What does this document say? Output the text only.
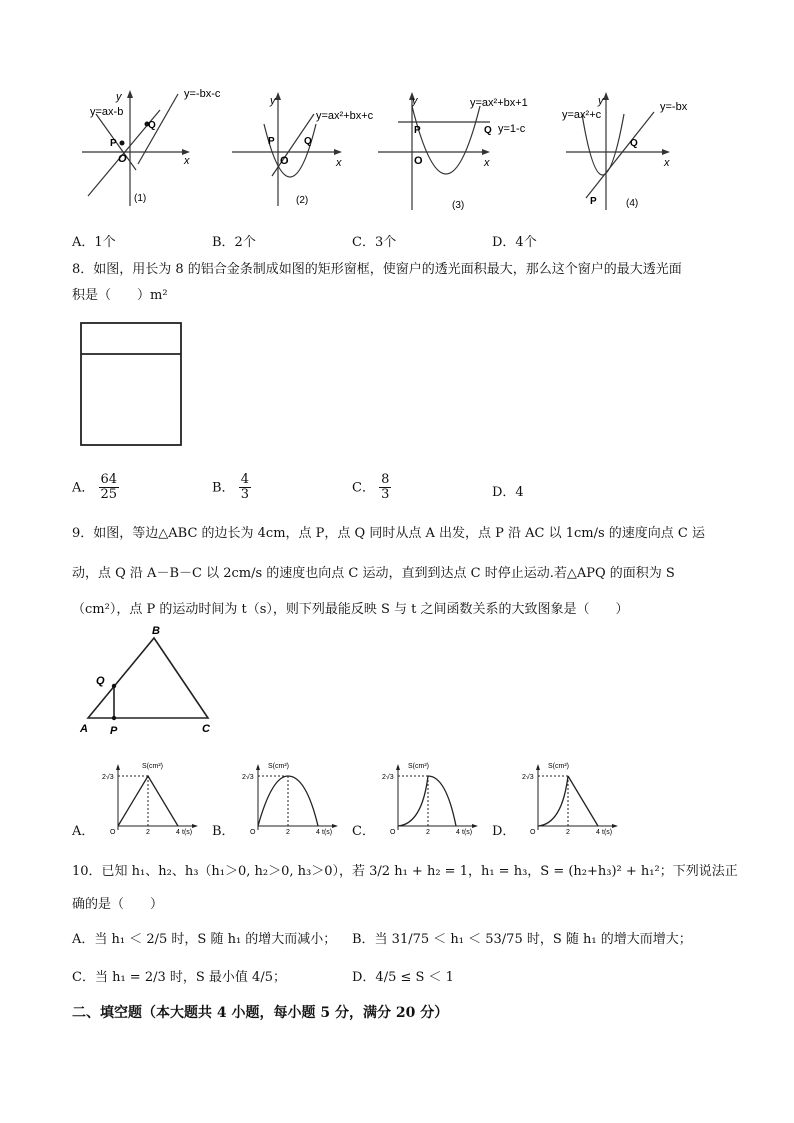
y
y=ax-b
y=-bx-c
P
Q
O	x
(1)
y
y=ax²+bx+c
P	Q
O	x
(2)
y	y=ax²+bx+1
y=1-c
P	Q
O	x
(3)
y
y=ax²+c
y=-bx
P
Q
x
(4)
A．1个	B．2个	C．3个	D．4个
8．如图，用长为 8 的铝合金条制成如图的矩形窗框，使窗户的透光面积最大，那么这个窗户的最大透光面
积是（　　）m²
A． $\frac{64}{25}$	B． $\frac{4}{3}$	C． $\frac{8}{3}$	D．4
9．如图，等边△ABC 的边长为 4cm，点 P，点 Q 同时从点 A 出发，点 P 沿 AC 以 1cm/s 的速度向点 C 运
动，点 Q 沿 A－B－C 以 2cm/s 的速度也向点 C 运动，直到到达点 C 时停止运动.若△APQ 的面积为 S
（cm²），点 P 的运动时间为 t（s），则下列最能反映 S 与 t 之间函数关系的大致图象是（　　）
B
Q
A P	C
A．
S(cm²)
2√3
O	2	4 t(s) B．
S(cm²)
2√3
O	2	4 t(s) C．
S(cm²)
2√3
O	2	4 t(s) D．
S(cm²)
2√3
O	2	4 t(s)
10．已知 h₁、h₂、h₃（h₁＞0, h₂＞0, h₃＞0），若 3/2 h₁ + h₂ = 1，h₁ = h₃，S = (h₂+h₃)² + h₁²；下列说法正
确的是（　　）
A．当 h₁ ＜ 2/5 时，S 随 h₁ 的增大而减小； B．当 31/75 ＜ h₁ ＜ 53/75 时，S 随 h₁ 的增大而增大；
C．当 h₁ = 2/3 时，S 最小值 4/5；	D．4/5 ≤ S ＜ 1
二、填空题（本大题共 4 小题，每小题 5 分，满分 20 分）
